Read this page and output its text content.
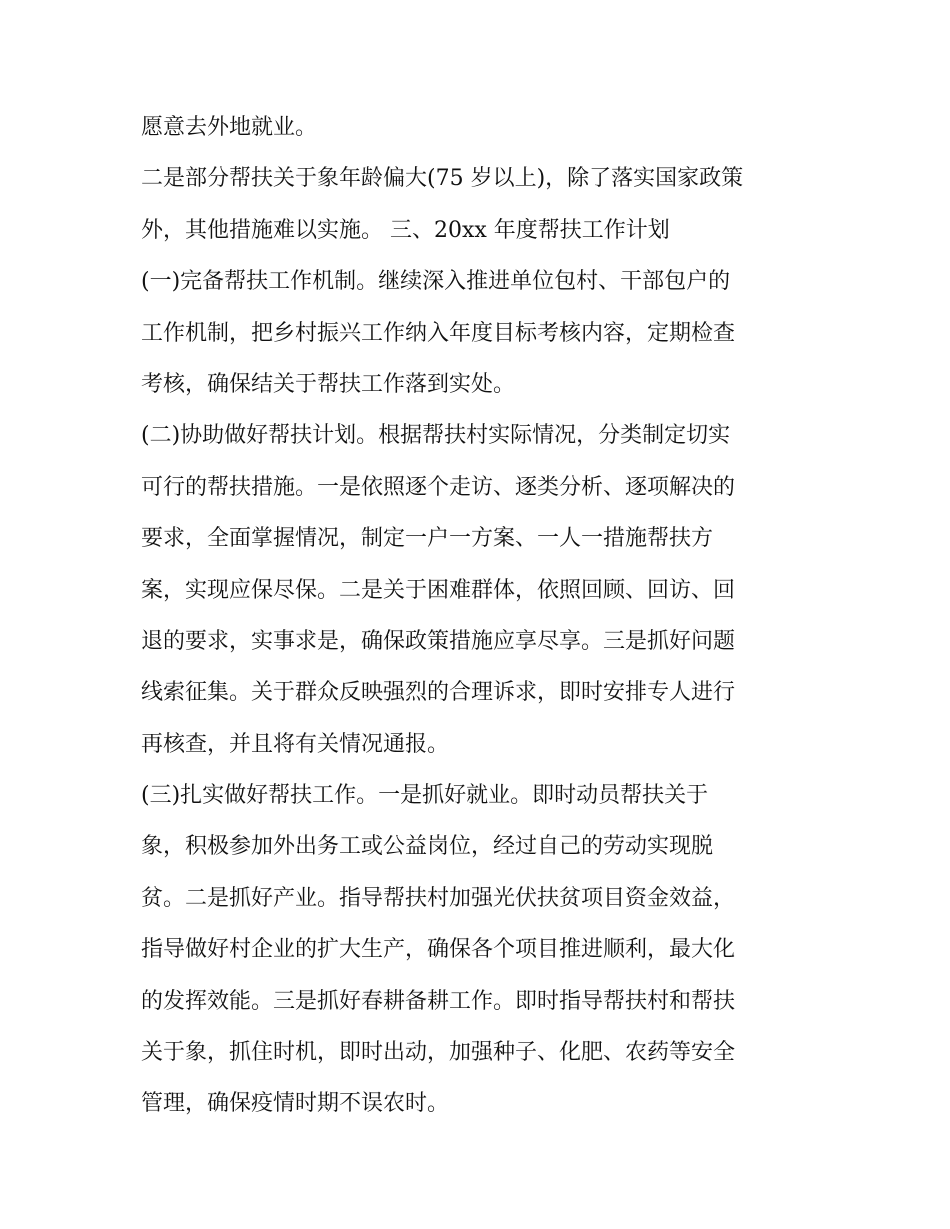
愿意去外地就业。
二是部分帮扶关于象年龄偏大(75 岁以上)，除了落实国家政策
外，其他措施难以实施。 三、20xx 年度帮扶工作计划
(一)完备帮扶工作机制。继续深入推进单位包村、干部包户的
工作机制，把乡村振兴工作纳入年度目标考核内容，定期检查
考核，确保结关于帮扶工作落到实处。
(二)协助做好帮扶计划。根据帮扶村实际情况，分类制定切实
可行的帮扶措施。一是依照逐个走访、逐类分析、逐项解决的
要求，全面掌握情况，制定一户一方案、一人一措施帮扶方
案，实现应保尽保。二是关于困难群体，依照回顾、回访、回
退的要求，实事求是，确保政策措施应享尽享。三是抓好问题
线索征集。关于群众反映强烈的合理诉求，即时安排专人进行
再核查，并且将有关情况通报。
(三)扎实做好帮扶工作。一是抓好就业。即时动员帮扶关于
象，积极参加外出务工或公益岗位，经过自己的劳动实现脱
贫。二是抓好产业。指导帮扶村加强光伏扶贫项目资金效益，
指导做好村企业的扩大生产，确保各个项目推进顺利，最大化
的发挥效能。三是抓好春耕备耕工作。即时指导帮扶村和帮扶
关于象，抓住时机，即时出动，加强种子、化肥、农药等安全
管理，确保疫情时期不误农时。
